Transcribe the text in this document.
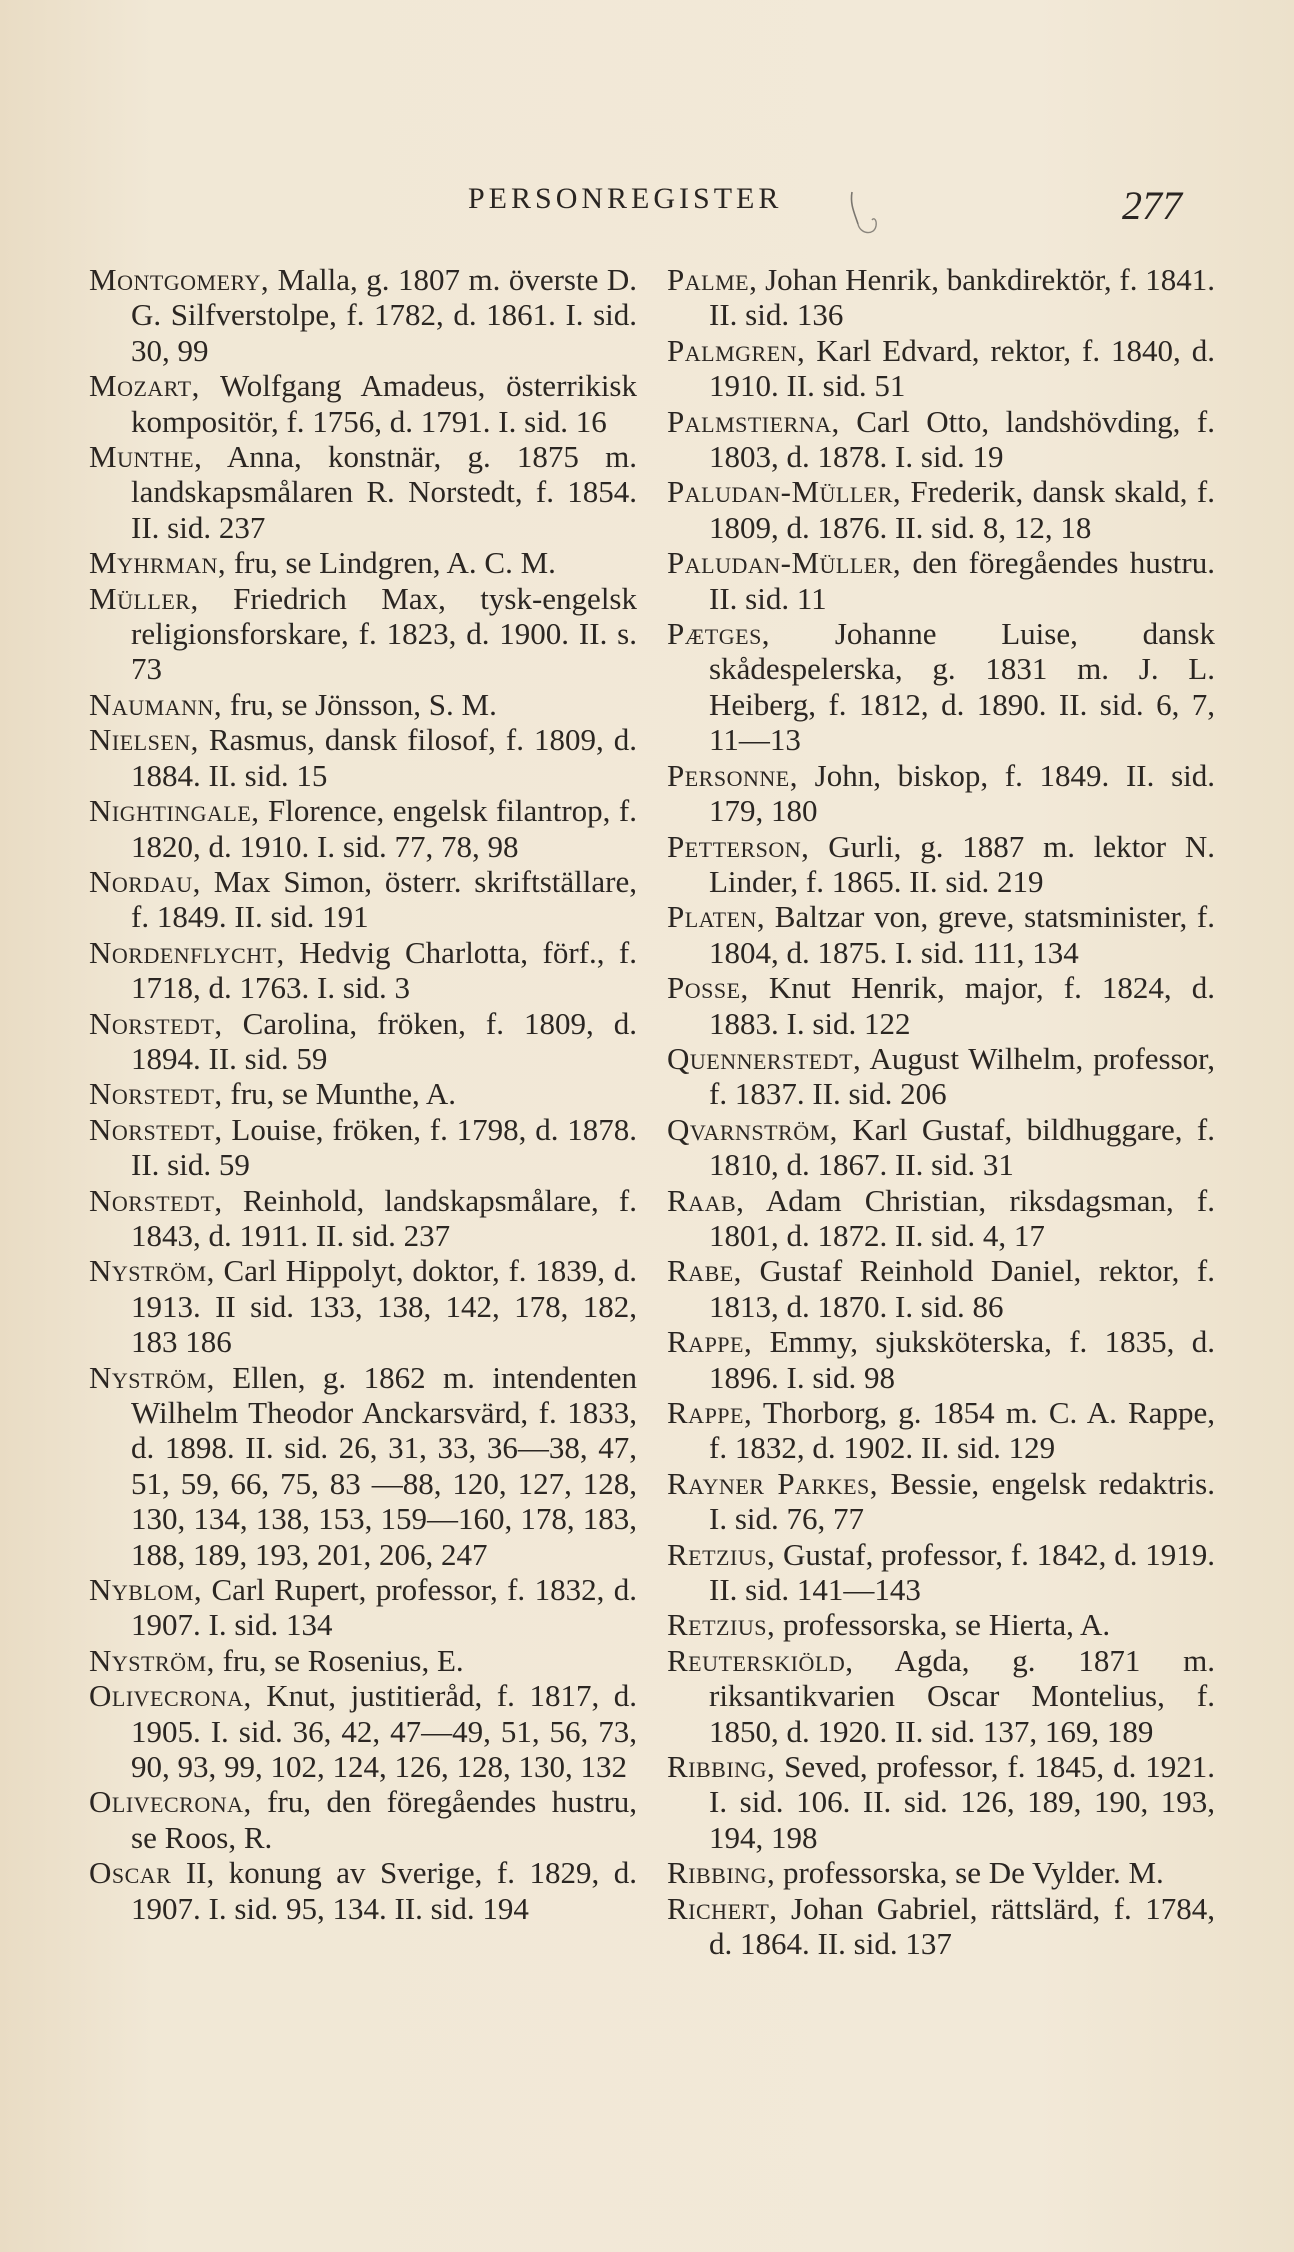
PERSONREGISTER	277

Montgomery, Malla, g. 1807 m. överste D. G. Silfverstolpe, f. 1782, d. 1861. I. sid. 30, 99

Mozart, Wolfgang Amadeus, österrikisk kompositör, f. 1756, d. 1791. I. sid. 16

Munthe, Anna, konstnär, g. 1875 m. landskapsmålaren R. Norstedt, f. 1854. II. sid. 237

Myhrman, fru, se Lindgren, A. C. M.

Müller, Friedrich Max, tysk-engelsk religionsforskare, f. 1823, d. 1900. II. s. 73

Naumann, fru, se Jönsson, S. M.

Nielsen, Rasmus, dansk filosof, f. 1809, d. 1884. II. sid. 15

Nightingale, Florence, engelsk filantrop, f. 1820, d. 1910. I. sid. 77, 78, 98

Nordau, Max Simon, österr. skriftställare, f. 1849. II. sid. 191

Nordenflycht, Hedvig Charlotta, förf., f. 1718, d. 1763. I. sid. 3

Norstedt, Carolina, fröken, f. 1809, d. 1894. II. sid. 59

Norstedt, fru, se Munthe, A.

Norstedt, Louise, fröken, f. 1798, d. 1878. II. sid. 59

Norstedt, Reinhold, landskapsmålare, f. 1843, d. 1911. II. sid. 237

Nyström, Carl Hippolyt, doktor, f. 1839, d. 1913. II sid. 133, 138, 142, 178, 182, 183 186

Nyström, Ellen, g. 1862 m. intendenten Wilhelm Theodor Anckarsvärd, f. 1833, d. 1898. II. sid. 26, 31, 33, 36—38, 47, 51, 59, 66, 75, 83 —88, 120, 127, 128, 130, 134, 138, 153, 159—160, 178, 183, 188, 189, 193, 201, 206, 247

Nyblom, Carl Rupert, professor, f. 1832, d. 1907. I. sid. 134

Nyström, fru, se Rosenius, E.

Olivecrona, Knut, justitieråd, f. 1817, d. 1905. I. sid. 36, 42, 47—49, 51, 56, 73, 90, 93, 99, 102, 124, 126, 128, 130, 132

Olivecrona, fru, den föregåendes hustru, se Roos, R.

Oscar II, konung av Sverige, f. 1829, d. 1907. I. sid. 95, 134. II. sid. 194

Palme, Johan Henrik, bankdirektör, f. 1841. II. sid. 136

Palmgren, Karl Edvard, rektor, f. 1840, d. 1910. II. sid. 51

Palmstierna, Carl Otto, landshövding, f. 1803, d. 1878. I. sid. 19

Paludan-Müller, Frederik, dansk skald, f. 1809, d. 1876. II. sid. 8, 12, 18

Paludan-Müller, den föregåendes hustru. II. sid. 11

Pætges, Johanne Luise, dansk skådespelerska, g. 1831 m. J. L. Heiberg, f. 1812, d. 1890. II. sid. 6, 7, 11—13

Personne, John, biskop, f. 1849. II. sid. 179, 180

Petterson, Gurli, g. 1887 m. lektor N. Linder, f. 1865. II. sid. 219

Platen, Baltzar von, greve, statsminister, f. 1804, d. 1875. I. sid. 111, 134

Posse, Knut Henrik, major, f. 1824, d. 1883. I. sid. 122

Quennerstedt, August Wilhelm, professor, f. 1837. II. sid. 206

Qvarnström, Karl Gustaf, bildhuggare, f. 1810, d. 1867. II. sid. 31

Raab, Adam Christian, riksdagsman, f. 1801, d. 1872. II. sid. 4, 17

Rabe, Gustaf Reinhold Daniel, rektor, f. 1813, d. 1870. I. sid. 86

Rappe, Emmy, sjuksköterska, f. 1835, d. 1896. I. sid. 98

Rappe, Thorborg, g. 1854 m. C. A. Rappe, f. 1832, d. 1902. II. sid. 129

Rayner Parkes, Bessie, engelsk redaktris. I. sid. 76, 77

Retzius, Gustaf, professor, f. 1842, d. 1919. II. sid. 141—143

Retzius, professorska, se Hierta, A.

Reuterskiöld, Agda, g. 1871 m. riksantikvarien Oscar Montelius, f. 1850, d. 1920. II. sid. 137, 169, 189

Ribbing, Seved, professor, f. 1845, d. 1921. I. sid. 106. II. sid. 126, 189, 190, 193, 194, 198

Ribbing, professorska, se De Vylder. M.

Richert, Johan Gabriel, rättslärd, f. 1784, d. 1864. II. sid. 137
